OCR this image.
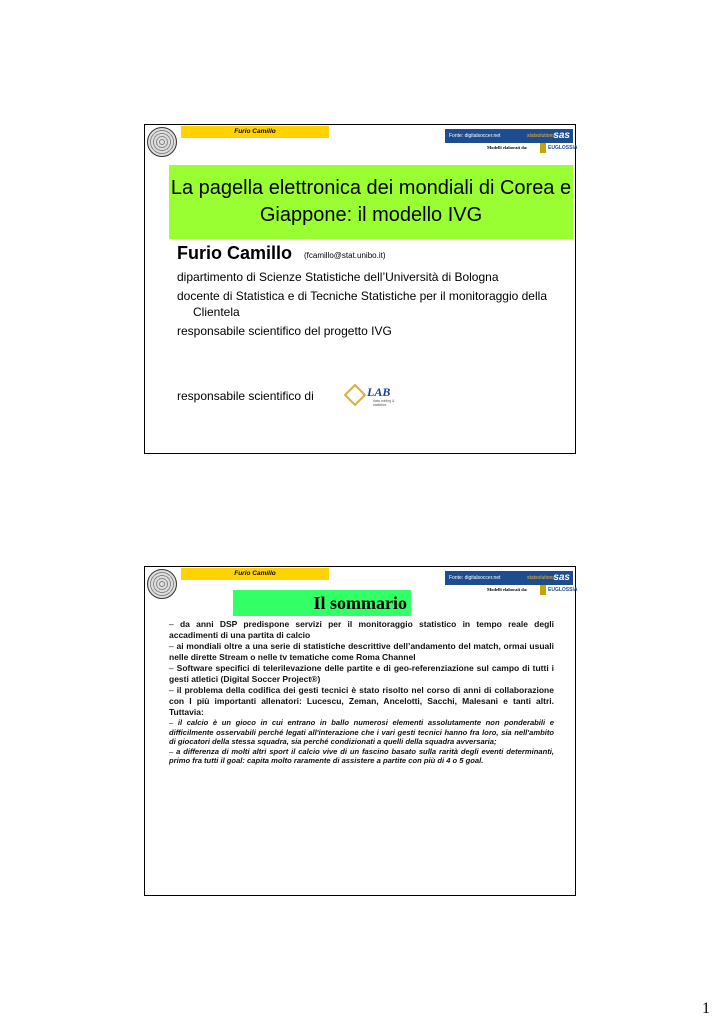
Furio Camillo
Fonte: digitalsoccer.net	statsolutions
sas
Modelli elaborati da:	EUGLOSSIA
La pagella elettronica dei mondiali di Corea e Giappone: il modello IVG
Furio Camillo (fcamillo@stat.unibo.it)
dipartimento di Scienze Statistiche dell’Università di Bologna
docente di Statistica e di Tecniche Statistiche per il monitoraggio della Clientela
responsabile scientifico del progetto IVG
responsabile scientifico di	LAB
data mining & statistics
Furio Camillo
Fonte: digitalsoccer.net	statsolutions
sas
Modelli elaborati da:	EUGLOSSIA
Il sommario
– da anni DSP predispone servizi per il monitoraggio statistico in tempo reale degli accadimenti di una partita di calcio
– ai mondiali oltre a una serie di statistiche descrittive dell’andamento del match, ormai usuali nelle dirette Stream o nelle tv tematiche come Roma Channel
– Software specifici di telerilevazione delle partite e di geo-referenziazione sul campo di tutti i gesti atletici (Digital Soccer Project®)
– il problema della codifica dei gesti tecnici è stato risolto nel corso di anni di collaborazione con I più importanti allenatori: Lucescu, Zeman, Ancelotti, Sacchi, Malesani e tanti altri. Tuttavia:
– il calcio è un gioco in cui entrano in ballo numerosi elementi assolutamente non ponderabili e difficilmente osservabili perché legati all'interazione che i vari gesti tecnici hanno fra loro, sia nell'ambito di giocatori della stessa squadra, sia perché condizionati a quelli della squadra avversaria;
– a differenza di molti altri sport il calcio vive di un fascino basato sulla rarità degli eventi determinanti, primo fra tutti il goal: capita molto raramente di assistere a partite con più di 4 o 5 goal.
1
